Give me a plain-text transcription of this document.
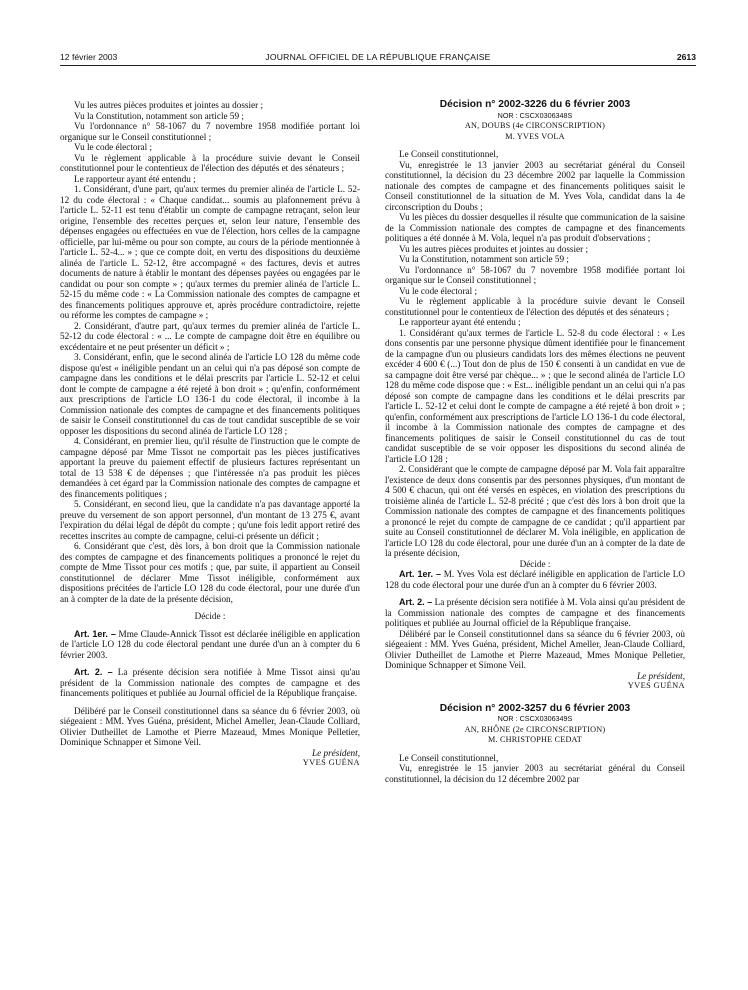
12 février 2003	JOURNAL OFFICIEL DE LA RÉPUBLIQUE FRANÇAISE	2613

Vu les autres pièces produites et jointes au dossier ;

Vu la Constitution, notamment son article 59 ;

Vu l'ordonnance n° 58-1067 du 7 novembre 1958 modifiée portant loi organique sur le Conseil constitutionnel ;

Vu le code électoral ;

Vu le règlement applicable à la procédure suivie devant le Conseil constitutionnel pour le contentieux de l'élection des députés et des sénateurs ;

Le rapporteur ayant été entendu ;

1. Considérant, d'une part, qu'aux termes du premier alinéa de l'article L. 52-12 du code électoral : « Chaque candidat... soumis au plafonnement prévu à l'article L. 52-11 est tenu d'établir un compte de campagne retraçant, selon leur origine, l'ensemble des recettes perçues et, selon leur nature, l'ensemble des dépenses engagées ou effectuées en vue de l'élection, hors celles de la campagne officielle, par lui-même ou pour son compte, au cours de la période mentionnée à l'article L. 52-4... » ; que ce compte doit, en vertu des dispositions du deuxième alinéa de l'article L. 52-12, être accompagné « des factures, devis et autres documents de nature à établir le montant des dépenses payées ou engagées par le candidat ou pour son compte » ; qu'aux termes du premier alinéa de l'article L. 52-15 du même code : « La Commission nationale des comptes de campagne et des financements politiques approuve et, après procédure contradictoire, rejette ou réforme les comptes de campagne » ;

2. Considérant, d'autre part, qu'aux termes du premier alinéa de l'article L. 52-12 du code électoral : « ... Le compte de campagne doit être en équilibre ou excédentaire et ne peut présenter un déficit » ;

3. Considérant, enfin, que le second alinéa de l'article LO 128 du même code dispose qu'est « inéligible pendant un an celui qui n'a pas déposé son compte de campagne dans les conditions et le délai prescrits par l'article L. 52-12 et celui dont le compte de campagne a été rejeté à bon droit » ; qu'enfin, conformément aux prescriptions de l'article LO 136-1 du code électoral, il incombe à la Commission nationale des comptes de campagne et des financements politiques de saisir le Conseil constitutionnel du cas de tout candidat susceptible de se voir opposer les dispositions du second alinéa de l'article LO 128 ;

4. Considérant, en premier lieu, qu'il résulte de l'instruction que le compte de campagne déposé par Mme Tissot ne comportait pas les pièces justificatives apportant la preuve du paiement effectif de plusieurs factures représentant un total de 13 538 € de dépenses ; que l'intéressée n'a pas produit les pièces demandées à cet égard par la Commission nationale des comptes de campagne et des financements politiques ;

5. Considérant, en second lieu, que la candidate n'a pas davantage apporté la preuve du versement de son apport personnel, d'un montant de 13 275 €, avant l'expiration du délai légal de dépôt du compte ; qu'une fois ledit apport retiré des recettes inscrites au compte de campagne, celui-ci présente un déficit ;

6. Considérant que c'est, dès lors, à bon droit que la Commission nationale des comptes de campagne et des financements politiques a prononcé le rejet du compte de Mme Tissot pour ces motifs ; que, par suite, il appartient au Conseil constitutionnel de déclarer Mme Tissot inéligible, conformément aux dispositions précitées de l'article LO 128 du code électoral, pour une durée d'un an à compter de la date de la présente décision,

Décide :

Art. 1er. – Mme Claude-Annick Tissot est déclarée inéligible en application de l'article LO 128 du code électoral pendant une durée d'un an à compter du 6 février 2003.

Art. 2. – La présente décision sera notifiée à Mme Tissot ainsi qu'au président de la Commission nationale des comptes de campagne et des financements politiques et publiée au Journal officiel de la République française.

Délibéré par le Conseil constitutionnel dans sa séance du 6 février 2003, où siégeaient : MM. Yves Guéna, président, Michel Ameller, Jean-Claude Colliard, Olivier Dutheillet de Lamothe et Pierre Mazeaud, Mmes Monique Pelletier, Dominique Schnapper et Simone Veil.

Le président,

YVES GUÉNA

Décision n° 2002-3226 du 6 février 2003

NOR : CSCX0306348S

AN, DOUBS (4e CIRCONSCRIPTION)

M. YVES VOLA

Le Conseil constitutionnel,

Vu, enregistrée le 13 janvier 2003 au secrétariat général du Conseil constitutionnel, la décision du 23 décembre 2002 par laquelle la Commission nationale des comptes de campagne et des financements politiques saisit le Conseil constitutionnel de la situation de M. Yves Vola, candidat dans la 4e circonscription du Doubs ;

Vu les pièces du dossier desquelles il résulte que communication de la saisine de la Commission nationale des comptes de campagne et des financements politiques a été donnée à M. Vola, lequel n'a pas produit d'observations ;

Vu les autres pièces produites et jointes au dossier ;

Vu la Constitution, notamment son article 59 ;

Vu l'ordonnance n° 58-1067 du 7 novembre 1958 modifiée portant loi organique sur le Conseil constitutionnel ;

Vu le code électoral ;

Vu le règlement applicable à la procédure suivie devant le Conseil constitutionnel pour le contentieux de l'élection des députés et des sénateurs ;

Le rapporteur ayant été entendu ;

1. Considérant qu'aux termes de l'article L. 52-8 du code électoral : « Les dons consentis par une personne physique dûment identifiée pour le financement de la campagne d'un ou plusieurs candidats lors des mêmes élections ne peuvent excéder 4 600 € (...) Tout don de plus de 150 € consenti à un candidat en vue de sa campagne doit être versé par chèque... » ; que le second alinéa de l'article LO 128 du même code dispose que : « Est... inéligible pendant un an celui qui n'a pas déposé son compte de campagne dans les conditions et le délai prescrits par l'article L. 52-12 et celui dont le compte de campagne a été rejeté à bon droit » ; qu'enfin, conformément aux prescriptions de l'article LO 136-1 du code électoral, il incombe à la Commission nationale des comptes de campagne et des financements politiques de saisir le Conseil constitutionnel du cas de tout candidat susceptible de se voir opposer les dispositions du second alinéa de l'article LO 128 ;

2. Considérant que le compte de campagne déposé par M. Vola fait apparaître l'existence de deux dons consentis par des personnes physiques, d'un montant de 4 500 € chacun, qui ont été versés en espèces, en violation des prescriptions du troisième alinéa de l'article L. 52-8 précité ; que c'est dès lors à bon droit que la Commission nationale des comptes de campagne et des financements politiques a prononcé le rejet du compte de campagne de ce candidat ; qu'il appartient par suite au Conseil constitutionnel de déclarer M. Vola inéligible, en application de l'article LO 128 du code électoral, pour une durée d'un an à compter de la date de la présente décision,

Décide :

Art. 1er. – M. Yves Vola est déclaré inéligible en application de l'article LO 128 du code électoral pour une durée d'un an à compter du 6 février 2003.

Art. 2. – La présente décision sera notifiée à M. Vola ainsi qu'au président de la Commission nationale des comptes de campagne et des financements politiques et publiée au Journal officiel de la République française.

Délibéré par le Conseil constitutionnel dans sa séance du 6 février 2003, où siégeaient : MM. Yves Guéna, président, Michel Ameller, Jean-Claude Colliard, Olivier Dutheillet de Lamothe et Pierre Mazeaud, Mmes Monique Pelletier, Dominique Schnapper et Simone Veil.

Le président,

YVES GUÉNA

Décision n° 2002-3257 du 6 février 2003

NOR : CSCX0306349S

AN, RHÔNE (2e CIRCONSCRIPTION)

M. CHRISTOPHE CEDAT

Le Conseil constitutionnel,

Vu, enregistrée le 15 janvier 2003 au secrétariat général du Conseil constitutionnel, la décision du 12 décembre 2002 par
